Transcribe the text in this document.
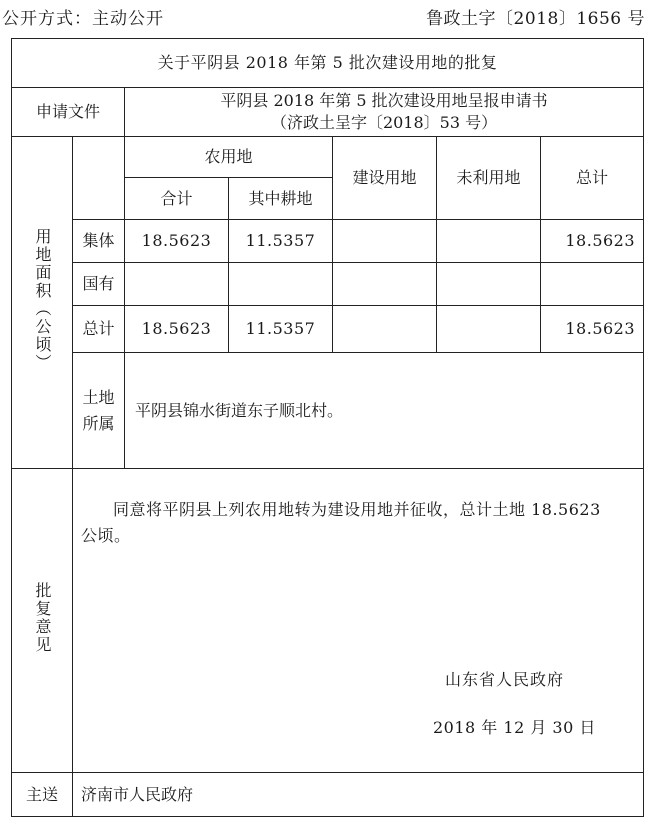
公开方式：主动公开	鲁政土字〔2018〕1656 号
关于平阴县 2018 年第 5 批次建设用地的批复						
申请文件		平阴县 2018 年第 5 批次建设用地呈报申请书
（济政土呈字〔2018〕53 号）				

用地面积（公顷）		农用地		建设用地	未利用地	总计
		合计	其中耕地			
	集体	18.5623	11.5357			18.5623
	国有					
	总计	18.5623	11.5357			18.5623

	土地所属	平阴县锦水街道东子顺北村。				
批复意见	同意将平阴县上列农用地转为建设用地并征收，总计土地 18.5623 公顷。
山东省人民政府
2018 年 12 月 30 日					

主送	济南市人民政府					
